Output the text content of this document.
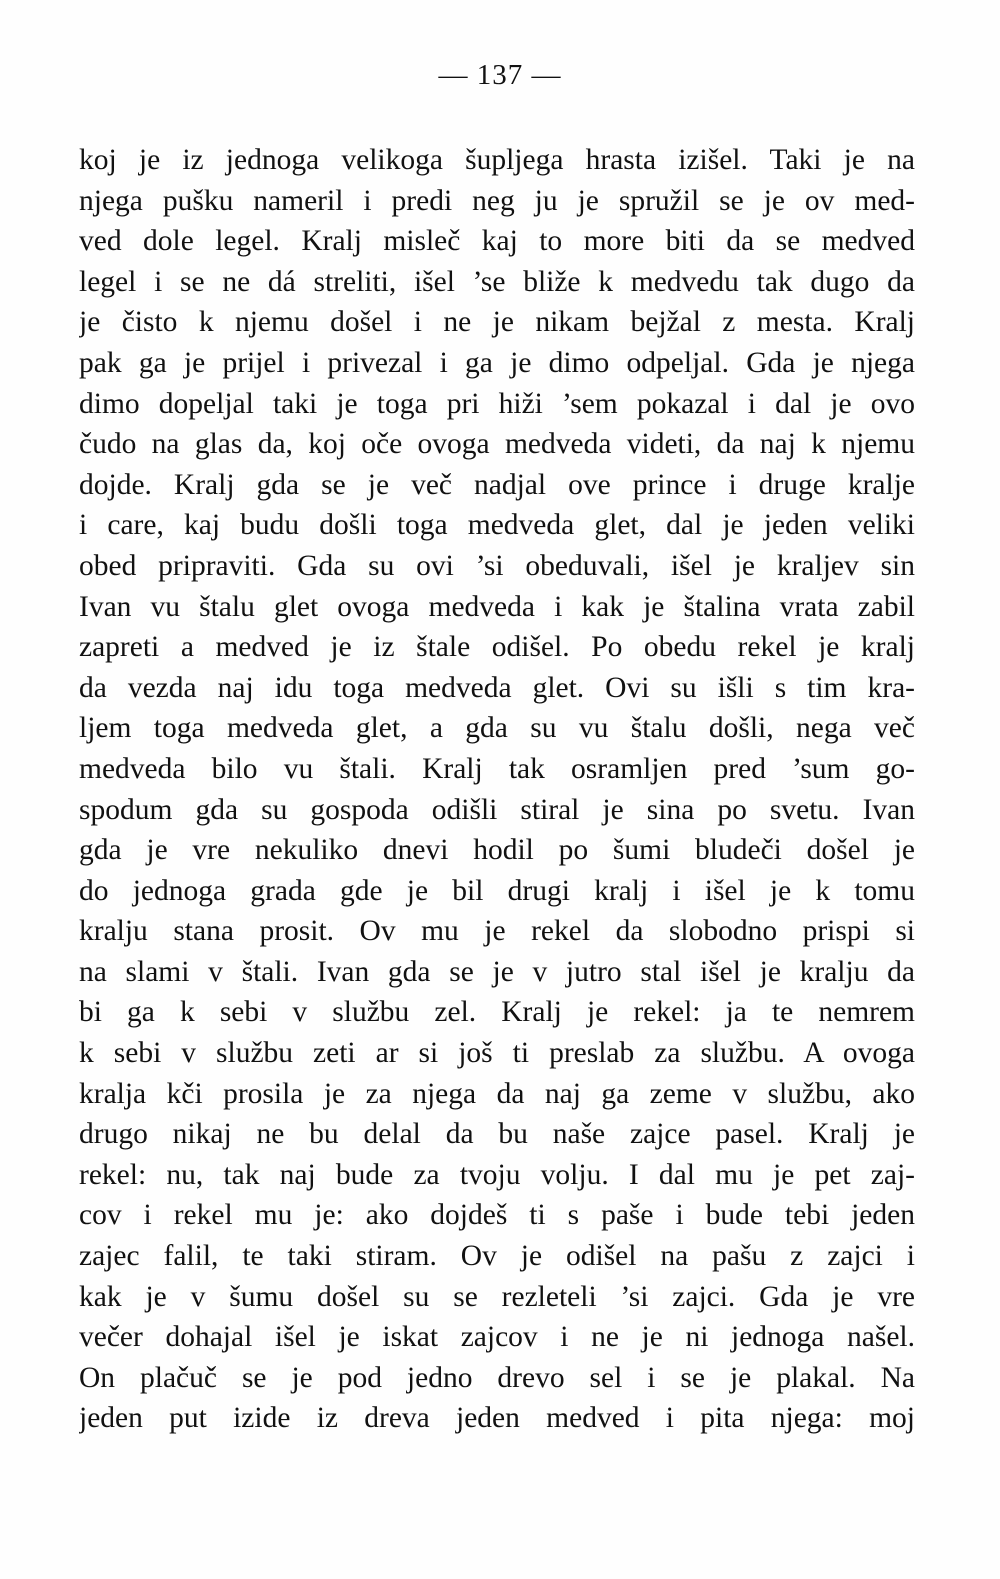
— 137 —
koj je iz jednoga velikoga šupljega hrasta izišel. Taki je na
njega pušku nameril i predi neg ju je spružil se je ov med-
ved dole legel. Kralj misleč kaj to more biti da se medved
legel i se ne dá streliti, išel ’se bliže k medvedu tak dugo da
je čisto k njemu došel i ne je nikam bejžal z mesta. Kralj
pak ga je prijel i privezal i ga je dimo odpeljal. Gda je njega
dimo dopeljal taki je toga pri hiži ’sem pokazal i dal je ovo
čudo na glas da, koj oče ovoga medveda videti, da naj k njemu
dojde. Kralj gda se je več nadjal ove prince i druge kralje
i care, kaj budu došli toga medveda glet, dal je jeden veliki
obed pripraviti. Gda su ovi ’si obeduvali, išel je kraljev sin
Ivan vu štalu glet ovoga medveda i kak je štalina vrata zabil
zapreti a medved je iz štale odišel. Po obedu rekel je kralj
da vezda naj idu toga medveda glet. Ovi su išli s tim kra-
ljem toga medveda glet, a gda su vu štalu došli, nega več
medveda bilo vu štali. Kralj tak osramljen pred ’sum go-
spodum gda su gospoda odišli stiral je sina po svetu. Ivan
gda je vre nekuliko dnevi hodil po šumi bludeči došel je
do jednoga grada gde je bil drugi kralj i išel je k tomu
kralju stana prosit. Ov mu je rekel da slobodno prispi si
na slami v štali. Ivan gda se je v jutro stal išel je kralju da
bi ga k sebi v službu zel. Kralj je rekel: ja te nemrem
k sebi v službu zeti ar si još ti preslab za službu. A ovoga
kralja kči prosila je za njega da naj ga zeme v službu, ako
drugo nikaj ne bu delal da bu naše zajce pasel. Kralj je
rekel: nu, tak naj bude za tvoju volju. I dal mu je pet zaj-
cov i rekel mu je: ako dojdeš ti s paše i bude tebi jeden
zajec falil, te taki stiram. Ov je odišel na pašu z zajci i
kak je v šumu došel su se rezleteli ’si zajci. Gda je vre
večer dohajal išel je iskat zajcov i ne je ni jednoga našel.
On plačuč se je pod jedno drevo sel i se je plakal. Na
jeden put izide iz dreva jeden medved i pita njega: moj
